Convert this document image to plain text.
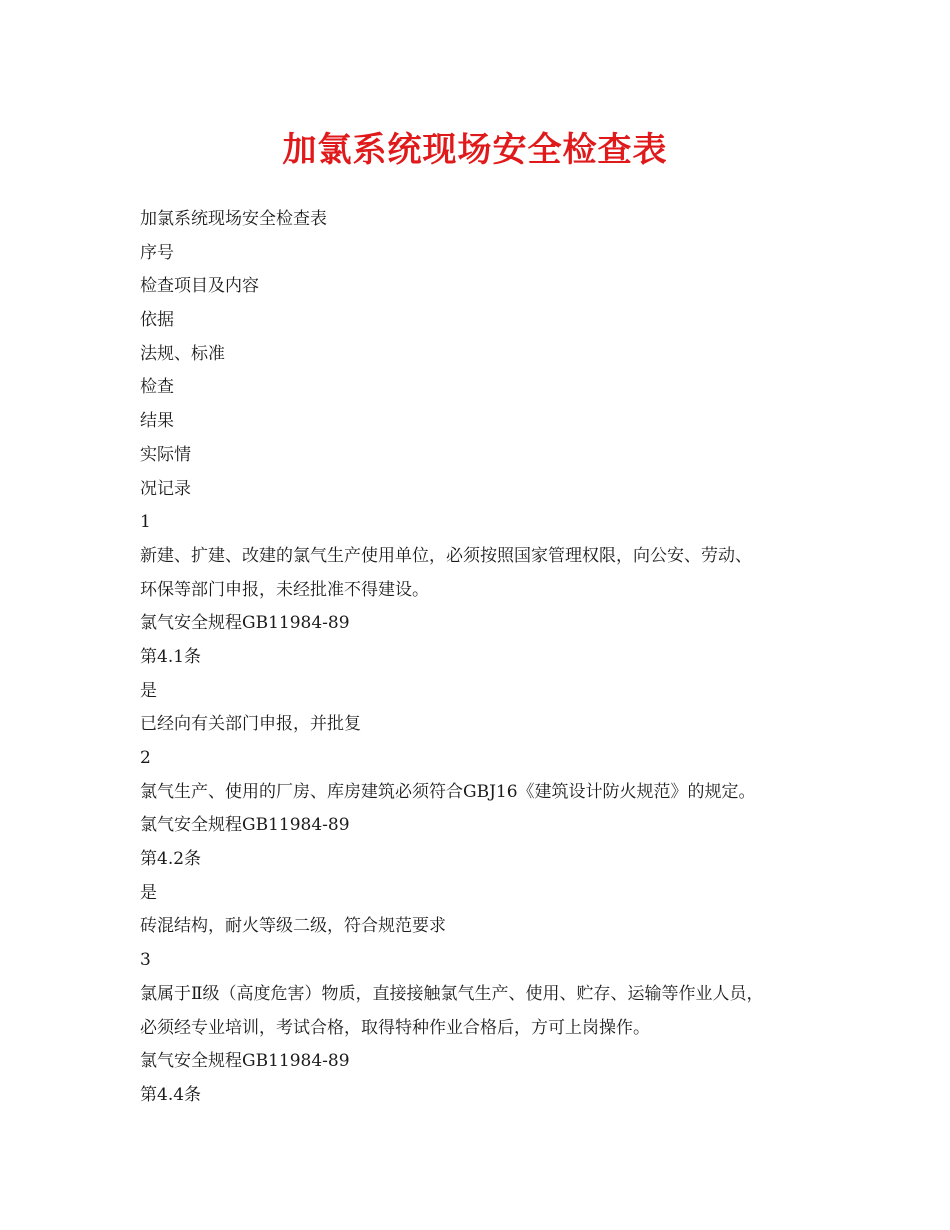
加氯系统现场安全检查表
加氯系统现场安全检查表
序号
检查项目及内容
依据
法规、标准
检查
结果
实际情
况记录
1
新建、扩建、改建的氯气生产使用单位，必须按照国家管理权限，向公安、劳动、
环保等部门申报，未经批准不得建设。
氯气安全规程GB11984-89
第4.1条
是
已经向有关部门申报，并批复
2
氯气生产、使用的厂房、库房建筑必须符合GBJ16《建筑设计防火规范》的规定。
氯气安全规程GB11984-89
第4.2条
是
砖混结构，耐火等级二级，符合规范要求
3
氯属于Ⅱ级（高度危害）物质，直接接触氯气生产、使用、贮存、运输等作业人员，
必须经专业培训，考试合格，取得特种作业合格后，方可上岗操作。
氯气安全规程GB11984-89
第4.4条
